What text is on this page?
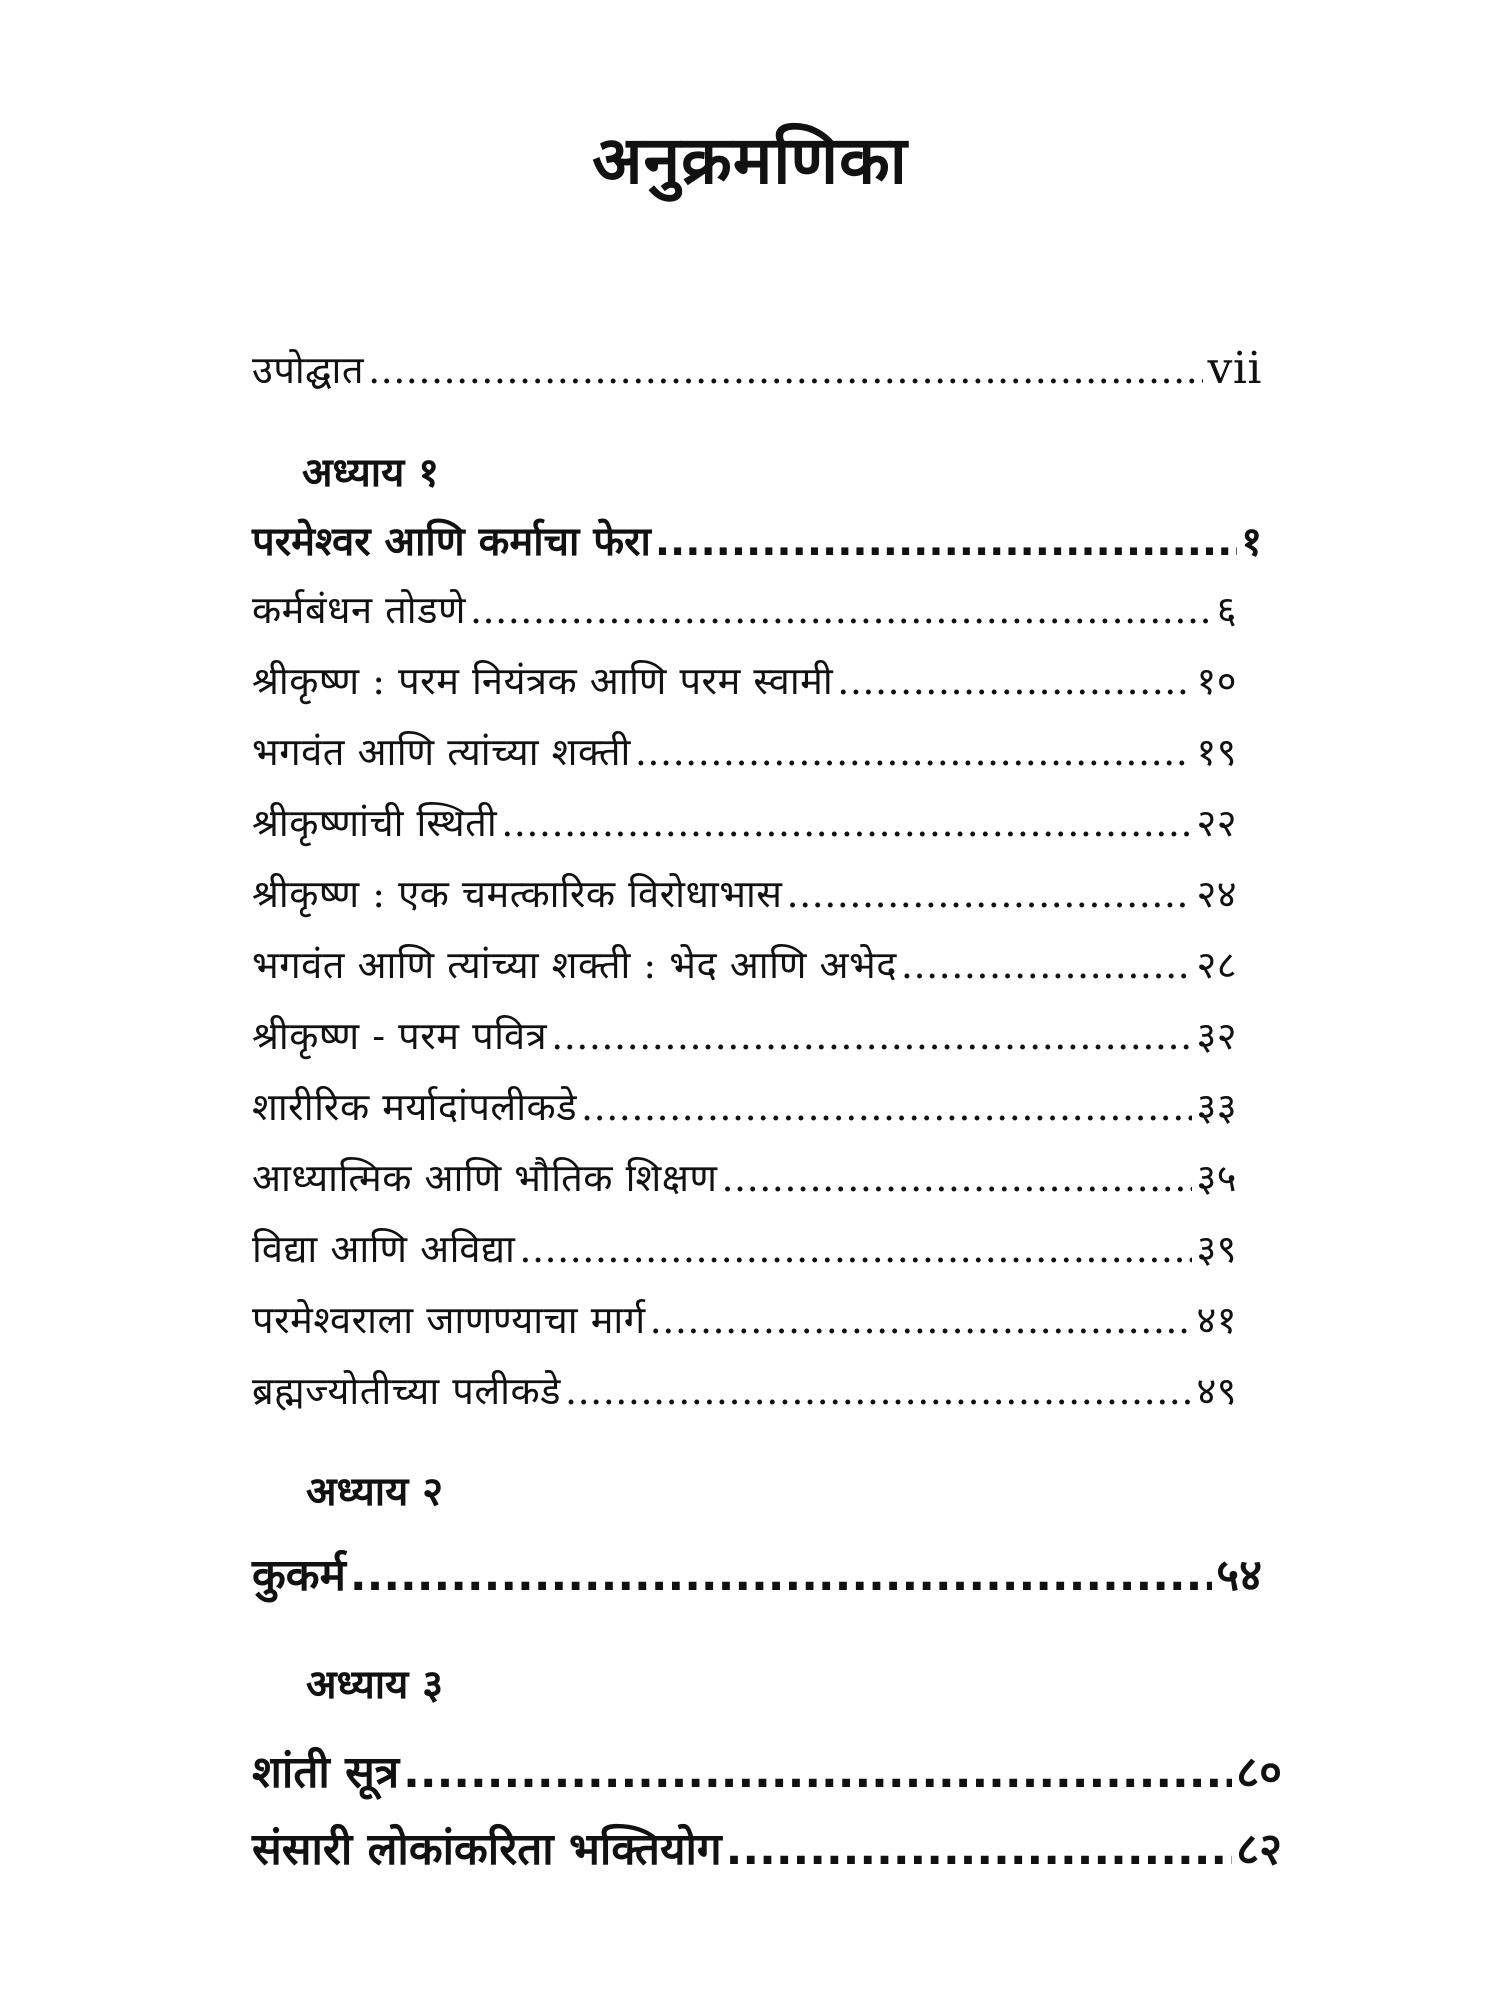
अनुक्रमणिका
उपोद्घात .....	vii
अध्याय १
परमेश्वर आणि कर्माचा फेरा .....	१
कर्मबंधन तोडणे .....	६
श्रीकृष्ण : परम नियंत्रक आणि परम स्वामी .....	१०
भगवंत आणि त्यांच्या शक्ती .....	१९
श्रीकृष्णांची स्थिती .....	२२
श्रीकृष्ण : एक चमत्कारिक विरोधाभास .....	२४
भगवंत आणि त्यांच्या शक्ती : भेद आणि अभेद .....	२८
श्रीकृष्ण - परम पवित्र .....	३२
शारीरिक मर्यादांपलीकडे .....	३३
आध्यात्मिक आणि भौतिक शिक्षण .....	३५
विद्या आणि अविद्या .....	३९
परमेश्वराला जाणण्याचा मार्ग .....	४१
ब्रह्मज्योतीच्या पलीकडे .....	४९
अध्याय २
कुकर्म .....	५४
अध्याय ३
शांती सूत्र .....	८०
संसारी लोकांकरिता भक्तियोग .....	८२
